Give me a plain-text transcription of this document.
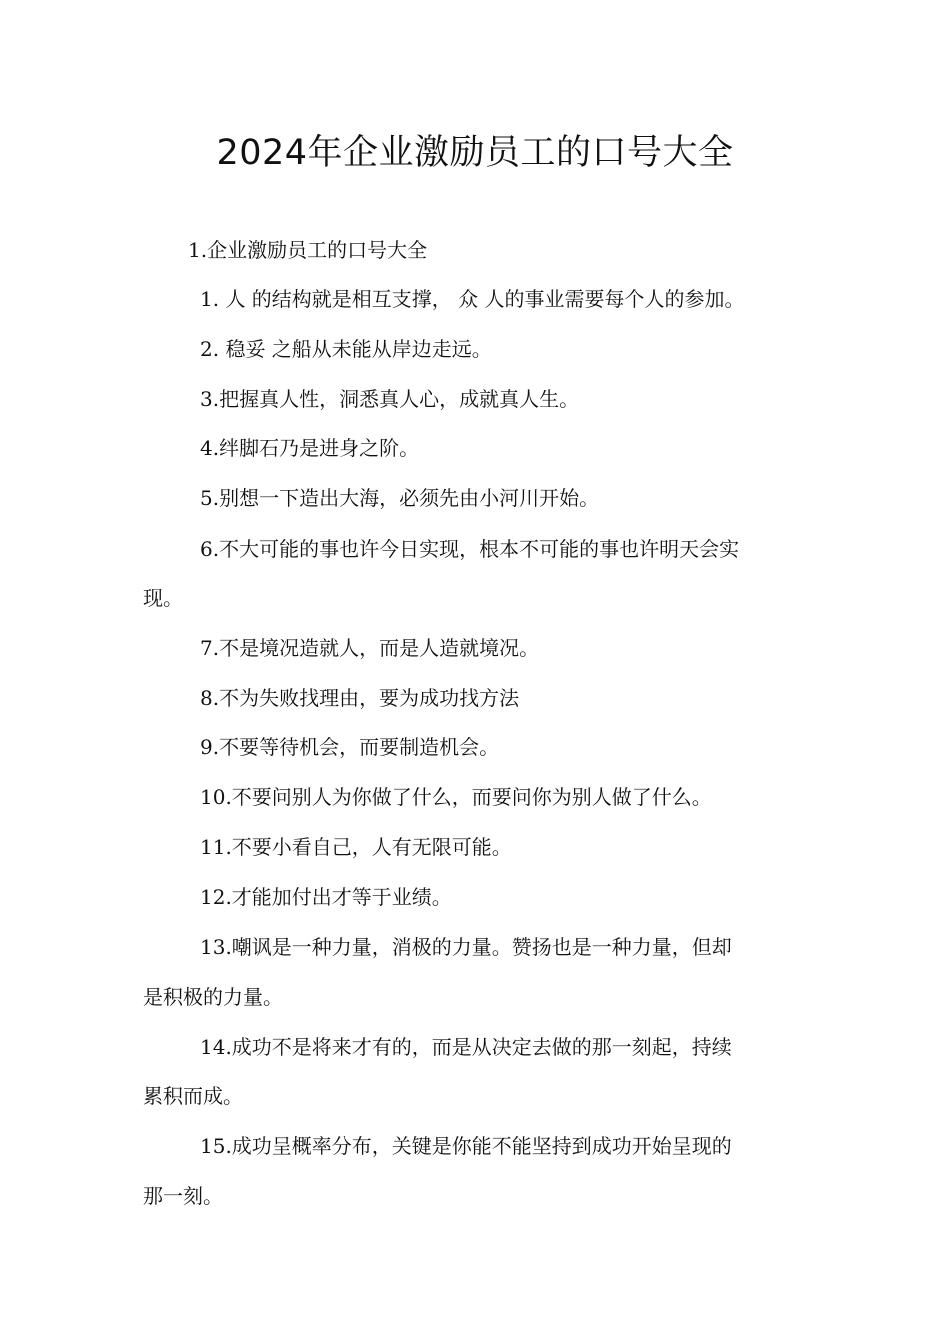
2024年企业激励员工的口号大全

1.企业激励员工的口号大全

1. 人 的结构就是相互支撑， 众 人的事业需要每个人的参加。

2. 稳妥 之船从未能从岸边走远。

3.把握真人性，洞悉真人心，成就真人生。

4.绊脚石乃是进身之阶。

5.别想一下造出大海，必须先由小河川开始。

6.不大可能的事也许今日实现，根本不可能的事也许明天会实

现。

7.不是境况造就人，而是人造就境况。

8.不为失败找理由，要为成功找方法

9.不要等待机会，而要制造机会。

10.不要问别人为你做了什么，而要问你为别人做了什么。

11.不要小看自己，人有无限可能。

12.才能加付出才等于业绩。

13.嘲讽是一种力量，消极的力量。赞扬也是一种力量，但却

是积极的力量。

14.成功不是将来才有的，而是从决定去做的那一刻起，持续

累积而成。

15.成功呈概率分布，关键是你能不能坚持到成功开始呈现的

那一刻。
